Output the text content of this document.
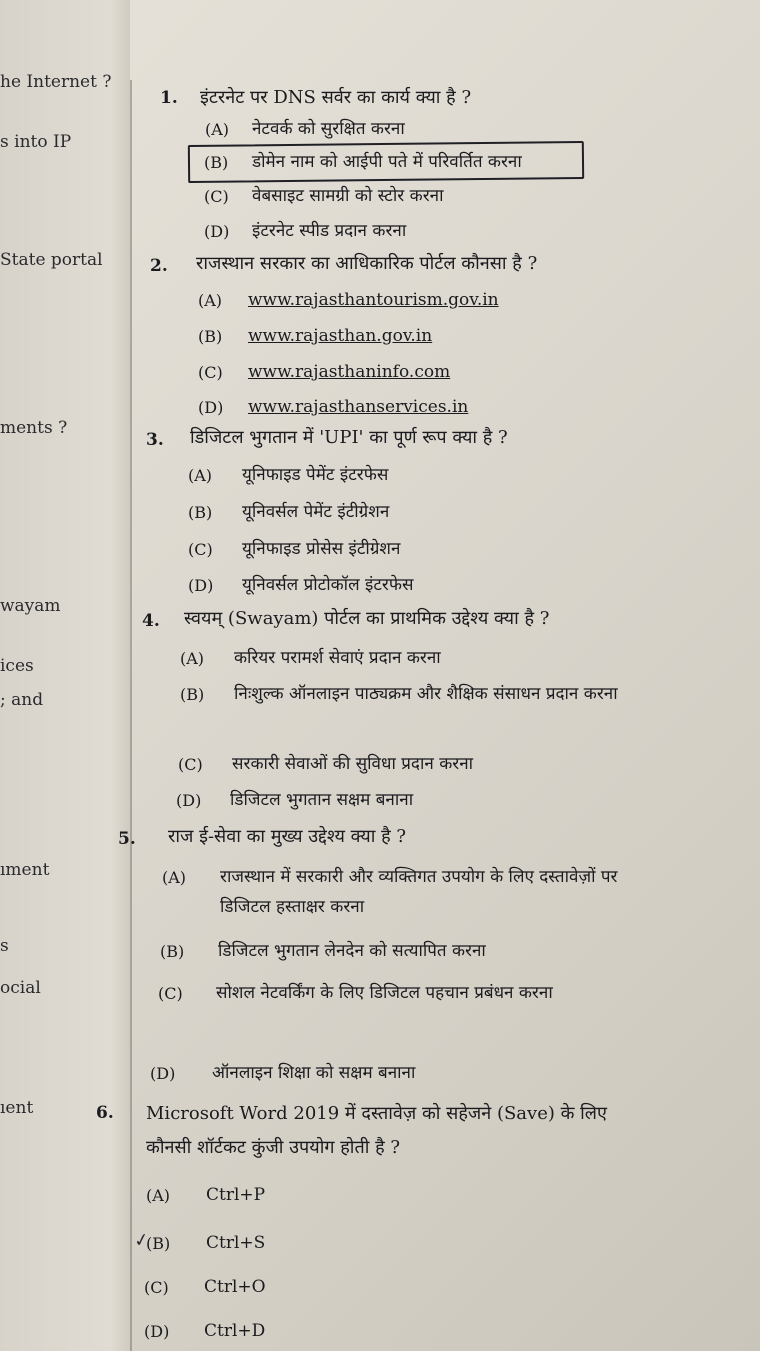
he Internet ?
s into IP
State portal
ments ?
wayam
ices
; and
ıment
s
ocial
ıent
1. इंटरनेट पर DNS सर्वर का कार्य क्या है ?
(A) नेटवर्क को सुरक्षित करना
(B) डोमेन नाम को आईपी पते में परिवर्तित करना
(C) वेबसाइट सामग्री को स्टोर करना
(D) इंटरनेट स्पीड प्रदान करना
2. राजस्थान सरकार का आधिकारिक पोर्टल कौनसा है ?
(A) www.rajasthantourism.gov.in
(B) www.rajasthan.gov.in
(C) www.rajasthaninfo.com
(D) www.rajasthanservices.in
3. डिजिटल भुगतान में 'UPI' का पूर्ण रूप क्या है ?
(A) यूनिफाइड पेमेंट इंटरफेस
(B) यूनिवर्सल पेमेंट इंटीग्रेशन
(C) यूनिफाइड प्रोसेस इंटीग्रेशन
(D) यूनिवर्सल प्रोटोकॉल इंटरफेस
4. स्वयम् (Swayam) पोर्टल का प्राथमिक उद्देश्य क्या है ?
(A) करियर परामर्श सेवाएं प्रदान करना
(B) निःशुल्क ऑनलाइन पाठ्यक्रम और शैक्षिक संसाधन प्रदान करना
(C) सरकारी सेवाओं की सुविधा प्रदान करना
(D) डिजिटल भुगतान सक्षम बनाना
5. राज ई-सेवा का मुख्य उद्देश्य क्या है ?
(A) राजस्थान में सरकारी और व्यक्तिगत उपयोग के लिए दस्तावेज़ों पर डिजिटल हस्ताक्षर करना
(B) डिजिटल भुगतान लेनदेन को सत्यापित करना
(C) सोशल नेटवर्किंग के लिए डिजिटल पहचान प्रबंधन करना
(D) ऑनलाइन शिक्षा को सक्षम बनाना
6. Microsoft Word 2019 में दस्तावेज़ को सहेजने (Save) के लिए कौनसी शॉर्टकट कुंजी उपयोग होती है ?
(A) Ctrl+P
✓
(B) Ctrl+S
(C) Ctrl+O
(D) Ctrl+D
